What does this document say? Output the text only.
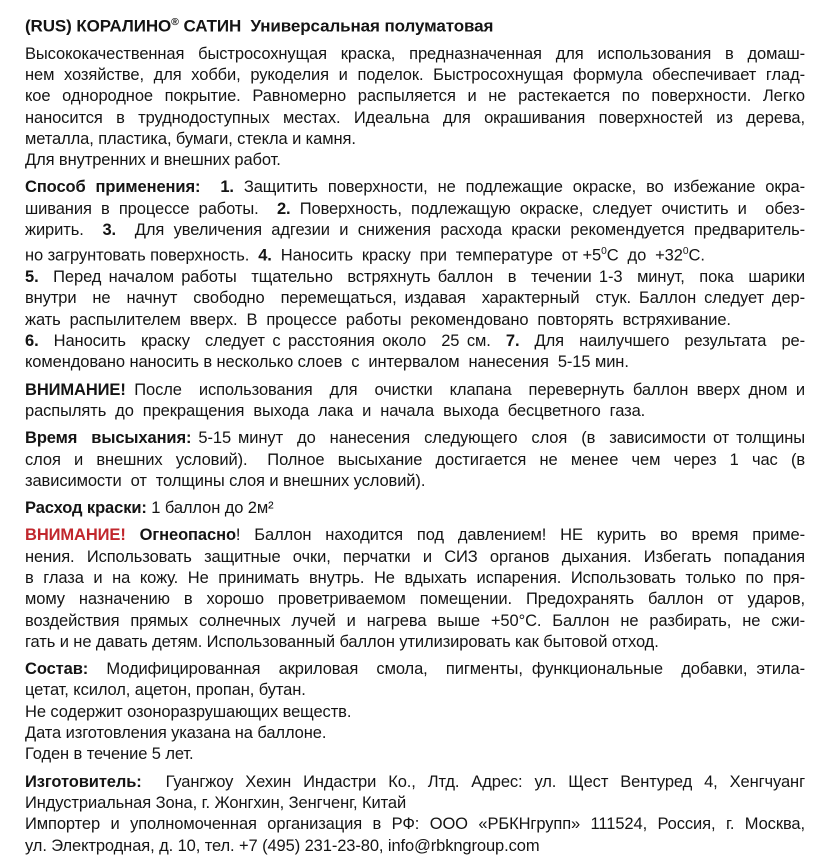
(RUS) КОРАЛИНО® САТИН  Универсальная полуматовая
Высококачественная быстросохнущая краска, предназначенная для использования в домаш-
нем хозяйстве, для хобби, рукоделия и поделок. Быстросохнущая формула обеспечивает глад-
кое однородное покрытие. Равномерно распыляется и не растекается по поверхности. Легко
наносится в труднодоступных местах. Идеальна для окрашивания поверхностей из дерева,
металла, пластика, бумаги, стекла и камня.
Для внутренних и внешних работ.
Способ применения: 1. Защитить поверхности, не подлежащие окраске, во избежание окра-
шивания в процессе работы.  2. Поверхность, подлежащую окраске, следует очистить и  обез-
жирить.  3.  Для увеличения адгезии и снижения расхода краски рекомендуется предваритель-
но загрунтовать поверхность.  4.  Наносить  краску  при  температуре  от $+5^0С$  до  $+32^0С$.
5.  Перед началом работы  тщательно  встряхнуть баллон  в  течении 1-3  минут,  пока  шарики
внутри  не  начнут  свободно  перемещаться, издавая  характерный  стук. Баллон следует дер-
жать  распылителем  вверх.  В  процессе  работы  рекомендовано  повторять  встряхивание.
6.  Наносить  краску  следует с расстояния около  25 см.  7.  Для  наилучшего  результата  ре-
комендовано наносить в несколько слоев  с  интервалом  нанесения  5-15 мин.
ВНИМАНИЕ! После  использования  для  очистки  клапана  перевернуть баллон вверх дном и
распылять  до  прекращения  выхода  лака  и  начала  выхода  бесцветного  газа.
Время  высыхания: 5-15 минут  до  нанесения  следующего  слоя  (в  зависимости от толщины
слоя  и  внешних  условий).   Полное  высыхание  достигается  не  менее  чем  через  1  час  (в
зависимости  от  толщины слоя и внешних условий).
Расход краски: 1 баллон до 2м²
ВНИМАНИЕ! Огнеопасно! Баллон находится под давлением! НЕ курить во время приме-
нения. Использовать защитные очки, перчатки и СИЗ органов дыхания. Избегать попадания
в глаза и на кожу. Не принимать внутрь. Не вдыхать испарения. Использовать только по пря-
мому назначению в хорошо проветриваемом помещении. Предохранять баллон от ударов,
воздействия прямых солнечных лучей и нагрева выше +50°С. Баллон не разбирать, не сжи-
гать и не давать детям. Использованный баллон утилизировать как бытовой отход.
Состав:  Модифицированная  акриловая  смола,  пигменты, функциональные  добавки, этила-
цетат, ксилол, ацетон, пропан, бутан.
Не содержит озоноразрушающих веществ.
Дата изготовления указана на баллоне.
Годен в течение 5 лет.
Изготовитель:  Гуангжоу Хехин Индастри Ко., Лтд. Адрес: ул. Щест Вентуред 4, Хенгчуанг
Индустриальная Зона, г. Жонгхин, Зенгченг, Китай
Импортер и уполномоченная организация в РФ: ООО «РБКНгрупп» 111524, Россия, г. Москва,
ул. Электродная, д. 10, тел. +7 (495) 231-23-80, info@rbkngroup.com
